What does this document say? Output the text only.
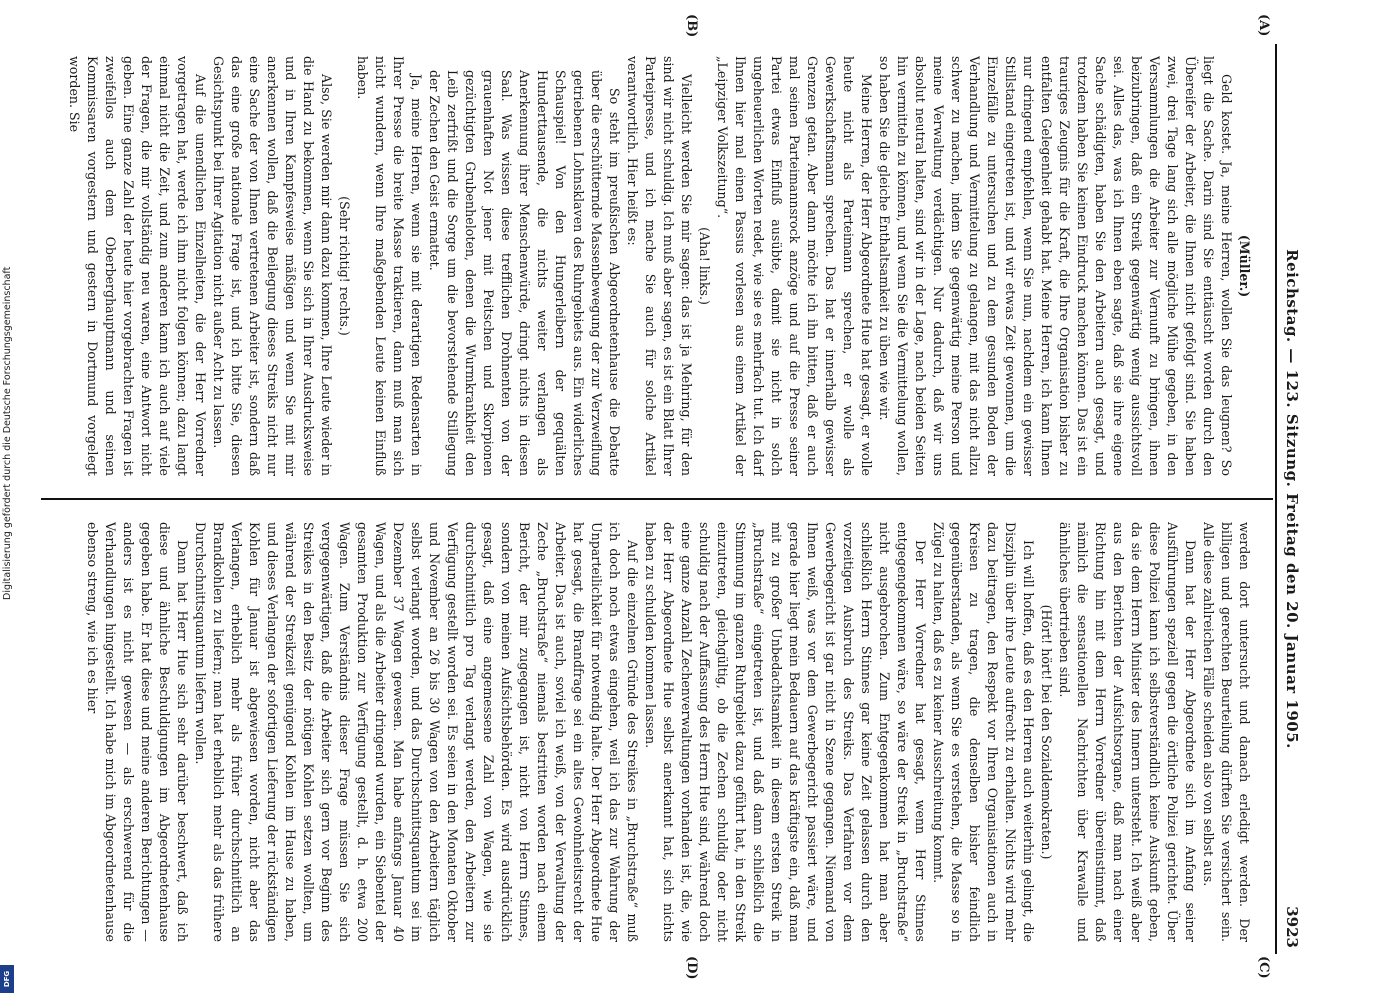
Reichstag. — 123. Sitzung. Freitag den 20. Januar 1905.
3923
(A)
(B)
(C)
(D)

(Müller.)

Geld kostet. Ja, meine Herren, wollen Sie das leugnen? So liegt die Sache. Darin sind Sie enttäuscht worden durch den Übereifer der Arbeiter, die Ihnen nicht gefolgt sind. Sie haben zwei, drei Tage lang sich alle mögliche Mühe gegeben, in den Versammlungen die Arbeiter zur Vernunft zu bringen, ihnen beizubringen, daß ein Streik gegenwärtig wenig aussichtsvoll sei. Alles das, was ich Ihnen eben sagte, daß sie ihre eigene Sache schädigten, haben Sie den Arbeitern auch gesagt, und trotzdem haben Sie keinen Eindruck machen können. Das ist ein trauriges Zeugnis für die Kraft, die Ihre Organisation bisher zu entfalten Gelegenheit gehabt hat. Meine Herren, ich kann Ihnen nur dringend empfehlen, wenn Sie nun, nachdem ein gewisser Stillstand eingetreten ist, und wir etwas Zeit gewonnen, um die Einzelfälle zu untersuchen und zu dem gesunden Boden der Verhandlung und Vermittelung zu gelangen, mit das nicht allzu schwer zu machen, indem Sie gegenwärtig meine Person und meine Verwaltung verdächtigen. Nur dadurch, daß wir uns absolut neutral halten, sind wir in der Lage, nach beiden Seiten hin vermitteln zu können, und wenn Sie die Vermittelung wollen, so haben Sie die gleiche Enthaltsamkeit zu üben wie wir.

Meine Herren, der Herr Abgeordnete Hue hat gesagt, er wolle heute nicht als Parteimann sprechen, er wolle als Gewerkschaftsmann sprechen. Das hat er innerhalb gewisser Grenzen getan. Aber dann möchte ich ihn bitten, daß er auch mal seinen Parteimannsrock anzöge und auf die Presse seiner Partei etwas Einfluß ausübte, damit sie nicht in solch ungeheuerlichen Worten redet, wie sie es mehrfach tut. Ich darf Ihnen hier mal einen Passus vorlesen aus einem Artikel der „Leipziger Volkszeitung“.

(Aha! links.)

Vielleicht werden Sie mir sagen: das ist ja Mehring, für den sind wir nicht schuldig. Ich muß aber sagen, es ist ein Blatt Ihrer Parteipresse, und ich mache Sie auch für solche Artikel verantwortlich. Hier heißt es:

So steht im preußischen Abgeordnetenhause die Debatte über die erschütternde Massenbewegung der zur Verzweiflung getriebenen Lohnsklaven des Ruhrgebiets aus. Ein widerliches Schauspiel! Von den Hungerleibern der gequälten Hunderttausende, die nichts weiter verlangen als Anerkennung ihrer Menschenwürde, dringt nichts in diesen Saal. Was wissen diese trefflichen Drohnenten von der grauenhaften Not jener mit Peitschen und Skorpionen gezüchtigten Grubenheloten, denen die Wurmkrankheit den Leib zerfrißt und die Sorge um die bevorstehende Stillegung der Zechen den Geist ermattet.

Ja, meine Herren, wenn sie mit derartigen Redensarten in Ihrer Presse die breite Masse traktieren, dann muß man sich nicht wundern, wenn Ihre maßgebenden Leute keinen Einfluß haben.

(Sehr richtig! rechts.)

Also, Sie werden mir dann dazu kommen, Ihre Leute wieder in die Hand zu bekommen, wenn Sie sich in Ihrer Ausdrucksweise und in Ihren Kampfesweise mäßigen und wenn Sie mit mir anerkennen wollen, daß die Beilegung dieses Streiks nicht nur eine Sache der von Ihnen vertretenen Arbeiter ist, sondern daß das eine große nationale Frage ist, und ich bitte Sie, diesen Gesichtspunkt bei Ihrer Agitation nicht außer Acht zu lassen.

Auf die unendlichen Einzelheiten, die der Herr Vorredner vorgetragen hat, werde ich ihm nicht folgen können; dazu langt einmal nicht die Zeit, und zum anderen kann ich auch auf viele der Fragen, die mir vollständig neu waren, eine Antwort nicht geben. Eine ganze Zahl der heute hier vorgebrachten Fragen ist zweifellos auch dem Oberberghauptmann und seinen Kommissaren vorgestern und gestern in Dortmund vorgelegt worden. Sie

werden dort untersucht und danach erledigt werden. Der billigen und gerechten Beurteilung dürften Sie versichert sein. Alle diese zahlreichen Fälle scheiden also von selbst aus.

Dann hat der Herr Abgeordnete sich im Anfang seiner Ausführungen speziell gegen die örtliche Polizei gerichtet. Über diese Polizei kann ich selbstverständlich keine Auskunft geben, da sie dem Herrn Minister des Innern untersteht. Ich weiß aber aus den Berichten der Aufsichtsorgane, daß man nach einer Richtung hin mit dem Herrn Vorredner übereinstimmt, daß nämlich die sensationellen Nachrichten über Krawalle und ähnliches übertrieben sind.

(Hört! hört! bei den Sozialdemokraten.)

Ich will hoffen, daß es den Herren auch weiterhin gelingt, die Disziplin über ihre Leute aufrecht zu erhalten. Nichts wird mehr dazu beitragen, den Respekt vor Ihren Organisationen auch in Kreisen zu tragen, die denselben bisher feindlich gegenüberstanden, als wenn Sie es verstehen, die Masse so in Zügel zu halten, daß es zu keiner Ausschreitung kommt.

Der Herr Vorredner hat gesagt, wenn Herr Stinnes entgegengekommen wäre, so wäre der Streik in „Bruchstraße“ nicht ausgebrochen. Zum Entgegenkommen hat man aber schließlich Herrn Stinnes gar keine Zeit gelassen durch den vorzeitigen Ausbruch des Streiks. Das Verfahren vor dem Gewerbegericht ist gar nicht in Szene gegangen. Niemand von Ihnen weiß, was vor dem Gewerbegericht passiert wäre, und gerade hier liegt mein Bedauern auf das kräftigste ein, daß man mit zu großer Unbedachtsamkeit in diesem ersten Streik in „Bruchstraße“ eingetreten ist, und daß dann schließlich die Stimmung im ganzen Ruhrgebiet dazu geführt hat, in den Streik einzutreten, gleichgültig, ob die Zechen schuldig oder nicht schuldig nach der Auffassung des Herrn Hue sind, während doch eine ganze Anzahl Zechenverwaltungen vorhanden ist, die, wie der Herr Abgeordnete Hue selbst anerkannt hat, sich nichts haben zu schulden kommen lassen.

Auf die einzelnen Gründe des Streikes in „Bruchstraße“ muß ich doch noch etwas eingehen, weil ich das zur Wahrung der Unparteilichkeit für notwendig halte. Der Herr Abgeordnete Hue hat gesagt, die Brandfrage sei ein altes Gewohnheitsrecht der Arbeiter. Das ist auch, soviel ich weiß, von der Verwaltung der Zeche „Bruchstraße“ niemals bestritten worden nach einem Bericht, der mir zugegangen ist, nicht von Herrn Stinnes, sondern von meinen Aufsichtsbehörden. Es wird ausdrücklich gesagt, daß eine angemessene Zahl von Wagen, wie sie durchschnittlich pro Tag verlangt werden, den Arbeitern zur Verfügung gestellt worden sei. Es seien in den Monaten Oktober und November an 26 bis 30 Wagen von den Arbeitern täglich selbst verlangt worden, und das Durchschnittsquantum sei im Dezember 37 Wagen gewesen. Man habe anfangs Januar 40 Wagen, und als die Arbeiter dringend wurden, ein Siebentel der gesamten Produktion zur Verfügung gestellt, d. h. etwa 200 Wagen. Zum Verständnis dieser Frage müssen Sie sich vergegenwärtigen, daß die Arbeiter sich gern vor Beginn des Streikes in den Besitz der nötigen Kohlen setzen wollten, um während der Streikzeit genügend Kohlen im Hause zu haben, und dieses Verlangen der sofortigen Lieferung der rückständigen Kohlen für Januar ist abgewiesen worden, nicht aber das Verlangen, erheblich mehr als früher durchschnittlich an Brandkohlen zu liefern; man hat erheblich mehr als das frühere Durchschnittsquantum liefern wollen.

Dann hat Herr Hue sich sehr darüber beschwert, daß ich diese und ähnliche Beschuldigungen im Abgeordnetenhause gegeben habe. Er hat diese und meine anderen Berichtungen — anders ist es nicht gewesen — als erschwerend für die Verhandlungen hingestellt. Ich habe mich im Abgeordnetenhause ebenso streng, wie ich es hier

Digitalisierung gefördert durch die Deutsche Forschungsgemeinschaft
DFG
